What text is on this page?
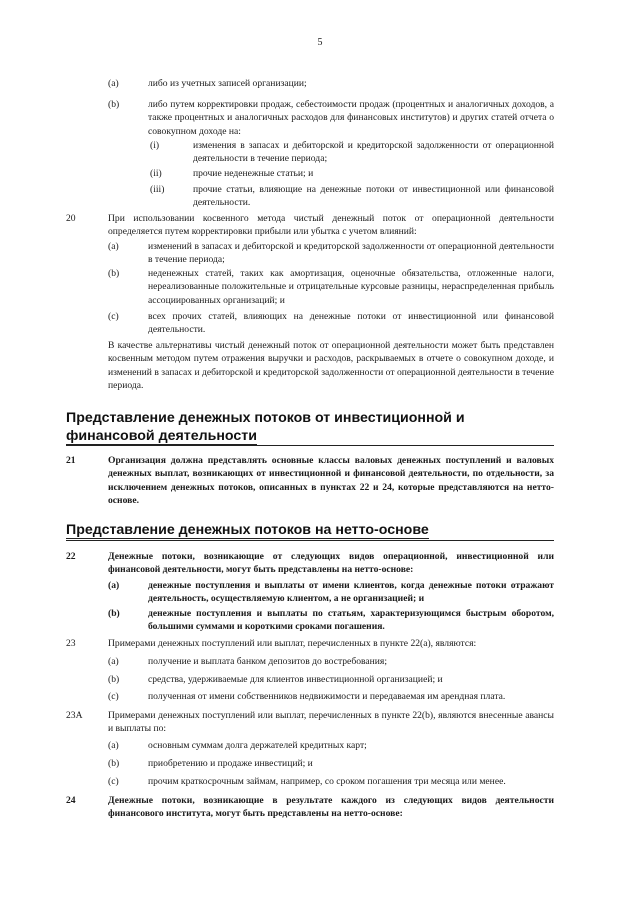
5
(a)	либо из учетных записей организации;
(b)	либо путем корректировки продаж, себестоимости продаж (процентных и аналогичных доходов, а также процентных и аналогичных расходов для финансовых институтов) и других статей отчета о совокупном доходе на:
(i)	изменения в запасах и дебиторской и кредиторской задолженности от операционной деятельности в течение периода;
(ii)	прочие неденежные статьи; и
(iii)	прочие статьи, влияющие на денежные потоки от инвестиционной или финансовой деятельности.
20	При использовании косвенного метода чистый денежный поток от операционной деятельности определяется путем корректировки прибыли или убытка с учетом влияний:
(a)	изменений в запасах и дебиторской и кредиторской задолженности от операционной деятельности в течение периода;
(b)	неденежных статей, таких как амортизация, оценочные обязательства, отложенные налоги, нереализованные положительные и отрицательные курсовые разницы, нераспределенная прибыль ассоциированных организаций; и
(c)	всех прочих статей, влияющих на денежные потоки от инвестиционной или финансовой деятельности.
В качестве альтернативы чистый денежный поток от операционной деятельности может быть представлен косвенным методом путем отражения выручки и расходов, раскрываемых в отчете о совокупном доходе, и изменений в запасах и дебиторской и кредиторской задолженности от операционной деятельности в течение периода.
Представление денежных потоков от инвестиционной и
финансовой деятельности
21	Организация должна представлять основные классы валовых денежных поступлений и валовых денежных выплат, возникающих от инвестиционной и финансовой деятельности, по отдельности, за исключением денежных потоков, описанных в пунктах 22 и 24, которые представляются на нетто-основе.
Представление денежных потоков на нетто-основе
22	Денежные потоки, возникающие от следующих видов операционной, инвестиционной или финансовой деятельности, могут быть представлены на нетто-основе:
(a)	денежные поступления и выплаты от имени клиентов, когда денежные потоки отражают деятельность, осуществляемую клиентом, а не организацией; и
(b)	денежные поступления и выплаты по статьям, характеризующимся быстрым оборотом, большими суммами и короткими сроками погашения.
23	Примерами денежных поступлений или выплат, перечисленных в пункте 22(a), являются:
(a)	получение и выплата банком депозитов до востребования;
(b)	средства, удерживаемые для клиентов инвестиционной организацией; и
(c)	полученная от имени собственников недвижимости и передаваемая им арендная плата.
23A	Примерами денежных поступлений или выплат, перечисленных в пункте 22(b), являются внесенные авансы и выплаты по:
(a)	основным суммам долга держателей кредитных карт;
(b)	приобретению и продаже инвестиций; и
(c)	прочим краткосрочным займам, например, со сроком погашения три месяца или менее.
24	Денежные потоки, возникающие в результате каждого из следующих видов деятельности финансового института, могут быть представлены на нетто-основе:
